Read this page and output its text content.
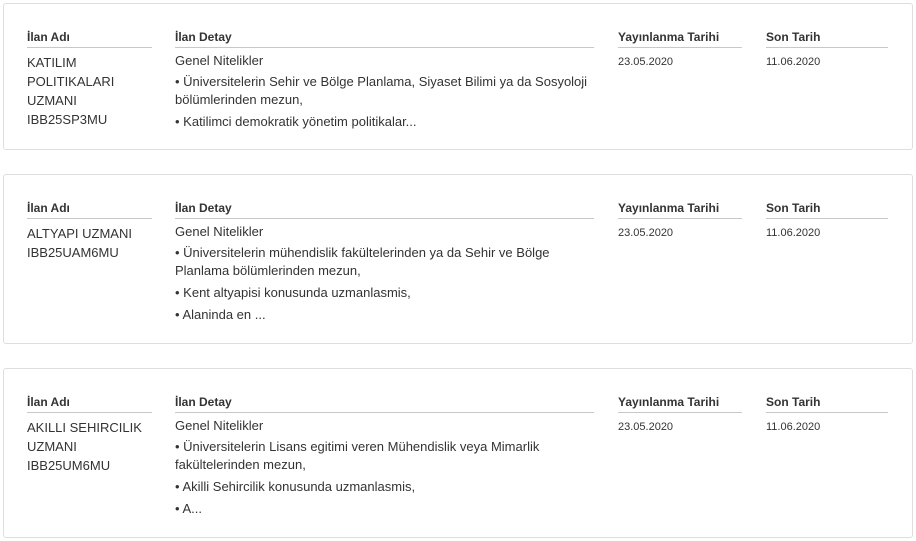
İlan Adı
KATILIM POLITIKALARI UZMANI IBB25SP3MU
İlan Detay
Genel Nitelikler
• Üniversitelerin Sehir ve Bölge Planlama, Siyaset Bilimi ya da Sosyoloji bölümlerinden mezun,
• Katilimci demokratik yönetim politikalar...
Yayınlanma Tarihi
23.05.2020
Son Tarih
11.06.2020
İlan Adı
ALTYAPI UZMANI IBB25UAM6MU
İlan Detay
Genel Nitelikler
• Üniversitelerin mühendislik fakültelerinden ya da Sehir ve Bölge Planlama bölümlerinden mezun,
• Kent altyapisi konusunda uzmanlasmis,
• Alaninda en ...
Yayınlanma Tarihi
23.05.2020
Son Tarih
11.06.2020
İlan Adı
AKILLI SEHIRCILIK UZMANI IBB25UM6MU
İlan Detay
Genel Nitelikler
• Üniversitelerin Lisans egitimi veren Mühendislik veya Mimarlik fakültelerinden mezun,
• Akilli Sehircilik konusunda uzmanlasmis,
• A...
Yayınlanma Tarihi
23.05.2020
Son Tarih
11.06.2020
